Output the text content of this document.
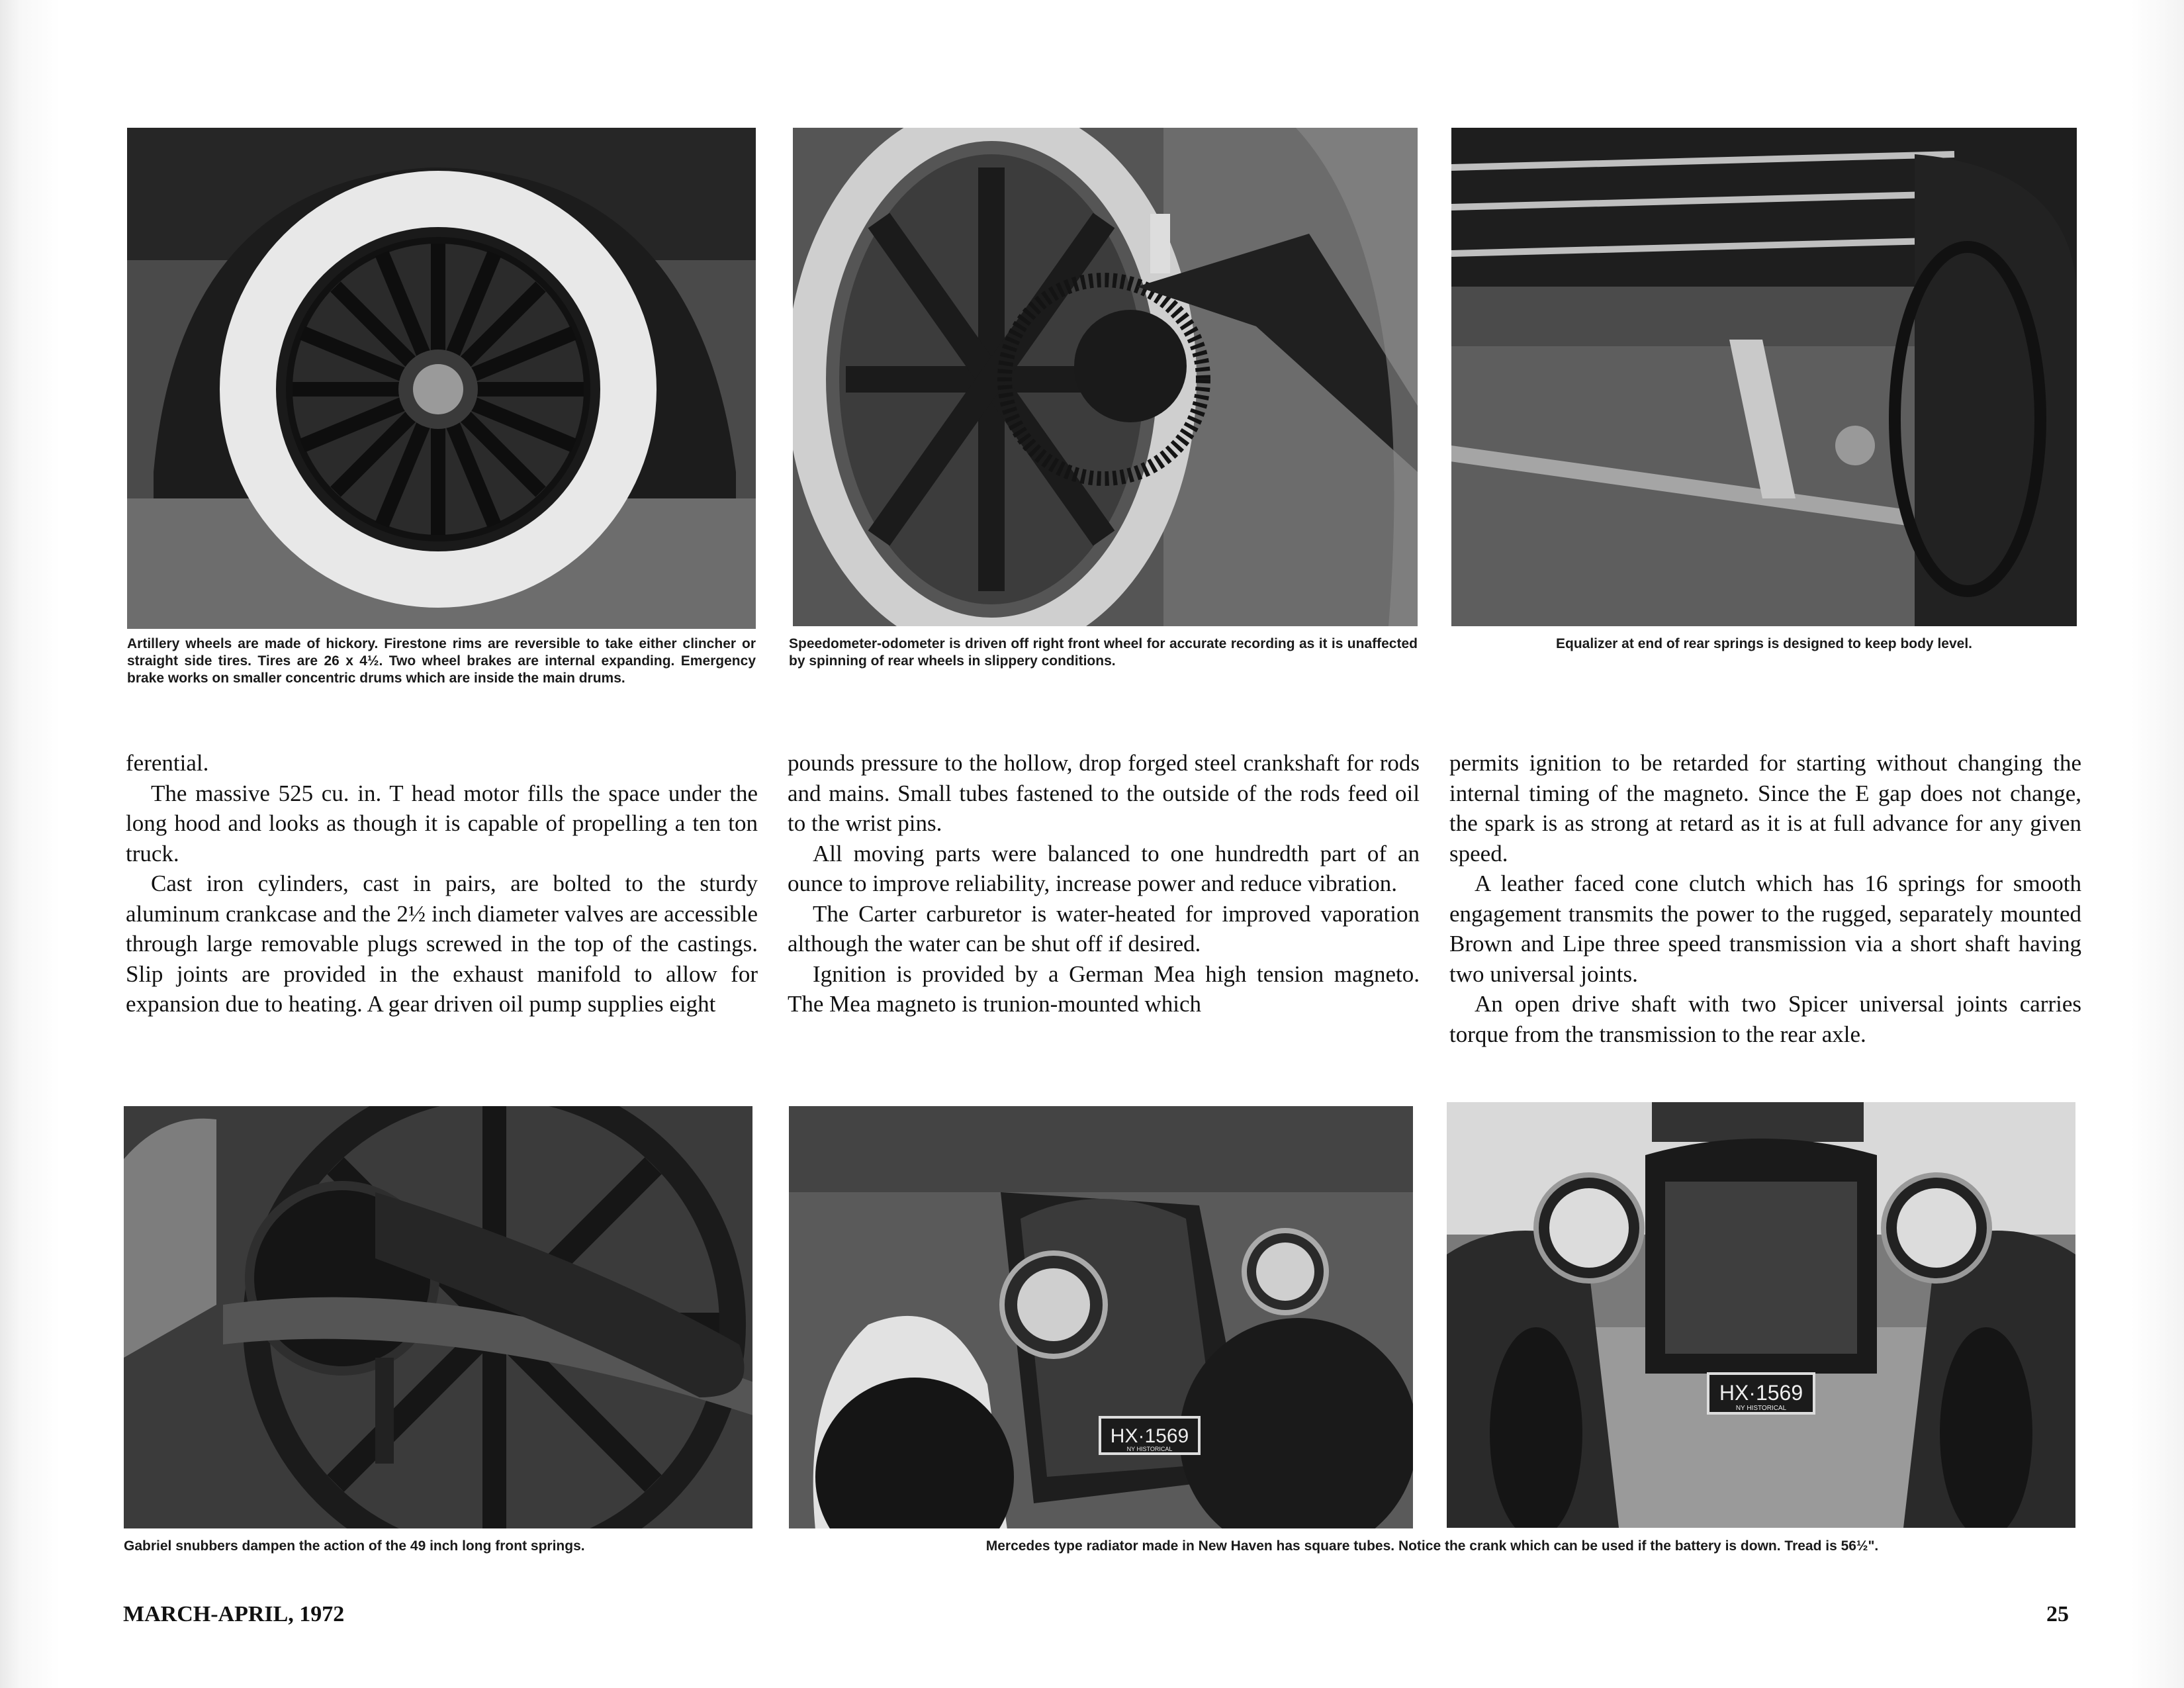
Artillery wheels are made of hickory. Firestone rims are reversible to take either clincher or straight side tires. Tires are 26 x 4½. Two wheel brakes are internal expanding. Emergency brake works on smaller concentric drums which are inside the main drums.

Speedometer-odometer is driven off right front wheel for accurate recording as it is unaffected by spinning of rear wheels in slippery conditions.

Equalizer at end of rear springs is designed to keep body level.

ferential.

The massive 525 cu. in. T head motor fills the space under the long hood and looks as though it is capable of propelling a ten ton truck.

Cast iron cylinders, cast in pairs, are bolted to the sturdy aluminum crankcase and the 2½ inch diameter valves are accessible through large removable plugs screwed in the top of the castings. Slip joints are provided in the exhaust manifold to allow for expansion due to heating. A gear driven oil pump supplies eight

pounds pressure to the hollow, drop forged steel crankshaft for rods and mains. Small tubes fastened to the outside of the rods feed oil to the wrist pins.

All moving parts were balanced to one hundredth part of an ounce to improve reliability, increase power and reduce vibration.

The Carter carburetor is water-heated for improved vaporation although the water can be shut off if desired.

Ignition is provided by a German Mea high tension magneto. The Mea magneto is trunion-mounted which

permits ignition to be retarded for starting without changing the internal timing of the magneto. Since the E gap does not change, the spark is as strong at retard as it is at full advance for any given speed.

A leather faced cone clutch which has 16 springs for smooth engagement transmits the power to the rugged, separately mounted Brown and Lipe three speed transmission via a short shaft having two universal joints.

An open drive shaft with two Spicer universal joints carries torque from the transmission to the rear axle.

HX·1569
NY HISTORICAL
HX·1569
NY HISTORICAL

Gabriel snubbers dampen the action of the 49 inch long front springs.	Mercedes type radiator made in New Haven has square tubes. Notice the crank which can be used if the battery is down. Tread is 56½".

MARCH-APRIL, 1972	25
